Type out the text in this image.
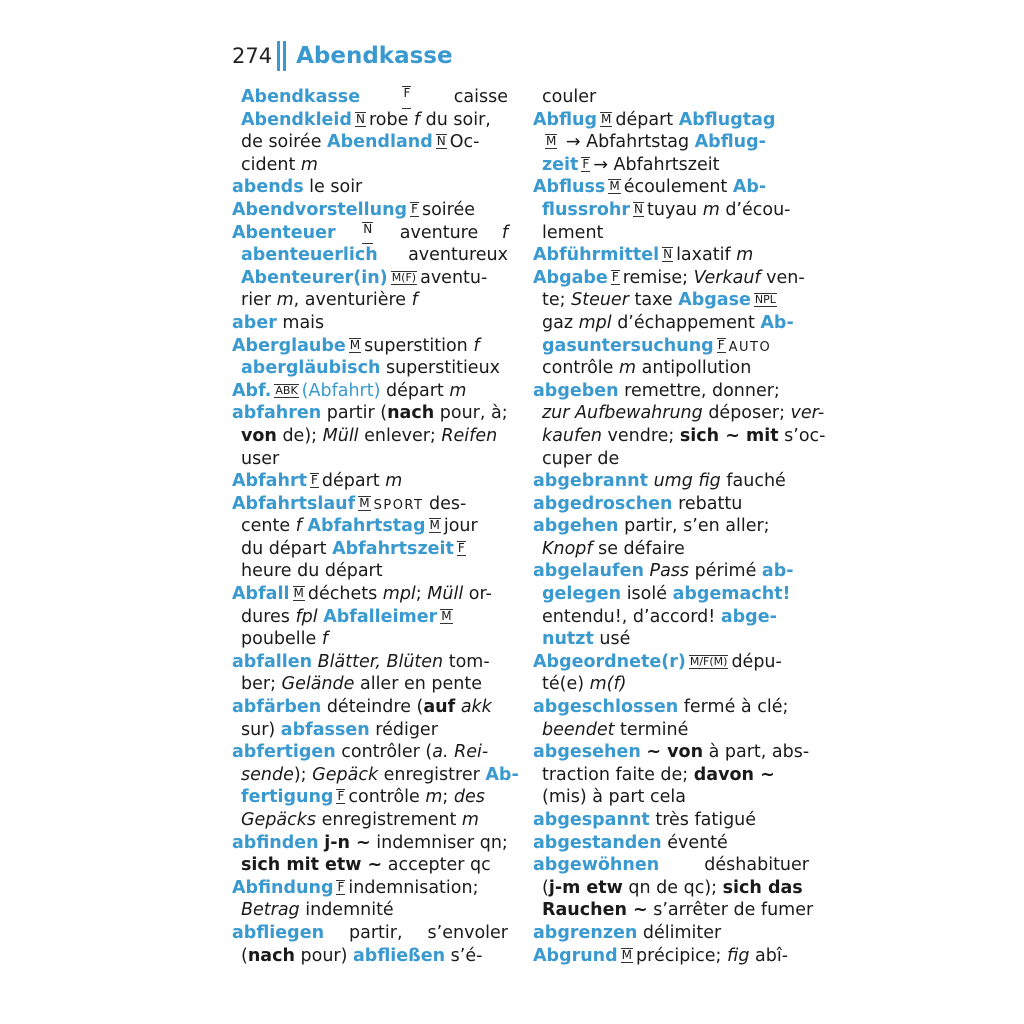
274 Abendkasse
Abendkasse	F caisse
Abendkleid N robe f du soir,
de soirée Abendland N Oc-
cident m
abends le soir
Abendvorstellung F soirée
Abenteuer N aventure f
abenteuerlich aventureux
Abenteurer(in) M(F) aventu-
rier m, aventurière f
aber mais
Aberglaube M superstition f
abergläubisch superstitieux
Abf. ABK (Abfahrt) départ m
abfahren partir (nach pour, à;
von de); Müll enlever; Reifen
user
Abfahrt F départ m
Abfahrtslauf M SPORT des-
cente f Abfahrtstag M jour
du départ Abfahrtszeit F
heure du départ
Abfall M déchets mpl; Müll or-
dures fpl Abfalleimer M
poubelle f
abfallen Blätter, Blüten tom-
ber; Gelände aller en pente
abfärben déteindre (auf akk
sur) abfassen rédiger
abfertigen contrôler (a. Rei-
sende); Gepäck enregistrer Ab-
fertigung F contrôle m; des
Gepäcks enregistrement m
abfinden j-n ~ indemniser qn;
sich mit etw ~ accepter qc
Abfindung F indemnisation;
Betrag indemnité
abfliegen partir, s’envoler
(nach pour) abfließen s’é-
couler
Abflug M départ Abflugtag
M → Abfahrtstag Abflug-
zeit F → Abfahrtszeit
Abfluss M écoulement Ab-
flussrohr N tuyau m d’écou-
lement
Abführmittel N laxatif m
Abgabe F remise; Verkauf ven-
te; Steuer taxe Abgase NPL
gaz mpl d’échappement Ab-
gasuntersuchung F AUTO
contrôle m antipollution
abgeben remettre, donner;
zur Aufbewahrung déposer; ver-
kaufen vendre; sich ~ mit s’oc-
cuper de
abgebrannt umg fig fauché
abgedroschen rebattu
abgehen partir, s’en aller;
Knopf se défaire
abgelaufen Pass périmé ab-
gelegen isolé abgemacht!
entendu!, d’accord! abge-
nutzt usé
Abgeordnete(r) M/F(M) dépu-
té(e) m(f)
abgeschlossen fermé à clé;
beendet terminé
abgesehen ~ von à part, abs-
traction faite de; davon ~
(mis) à part cela
abgespannt très fatigué
abgestanden éventé
abgewöhnen	déshabituer
(j-m etw qn de qc); sich das
Rauchen ~ s’arrêter de fumer
abgrenzen délimiter
Abgrund M précipice; fig abî-
